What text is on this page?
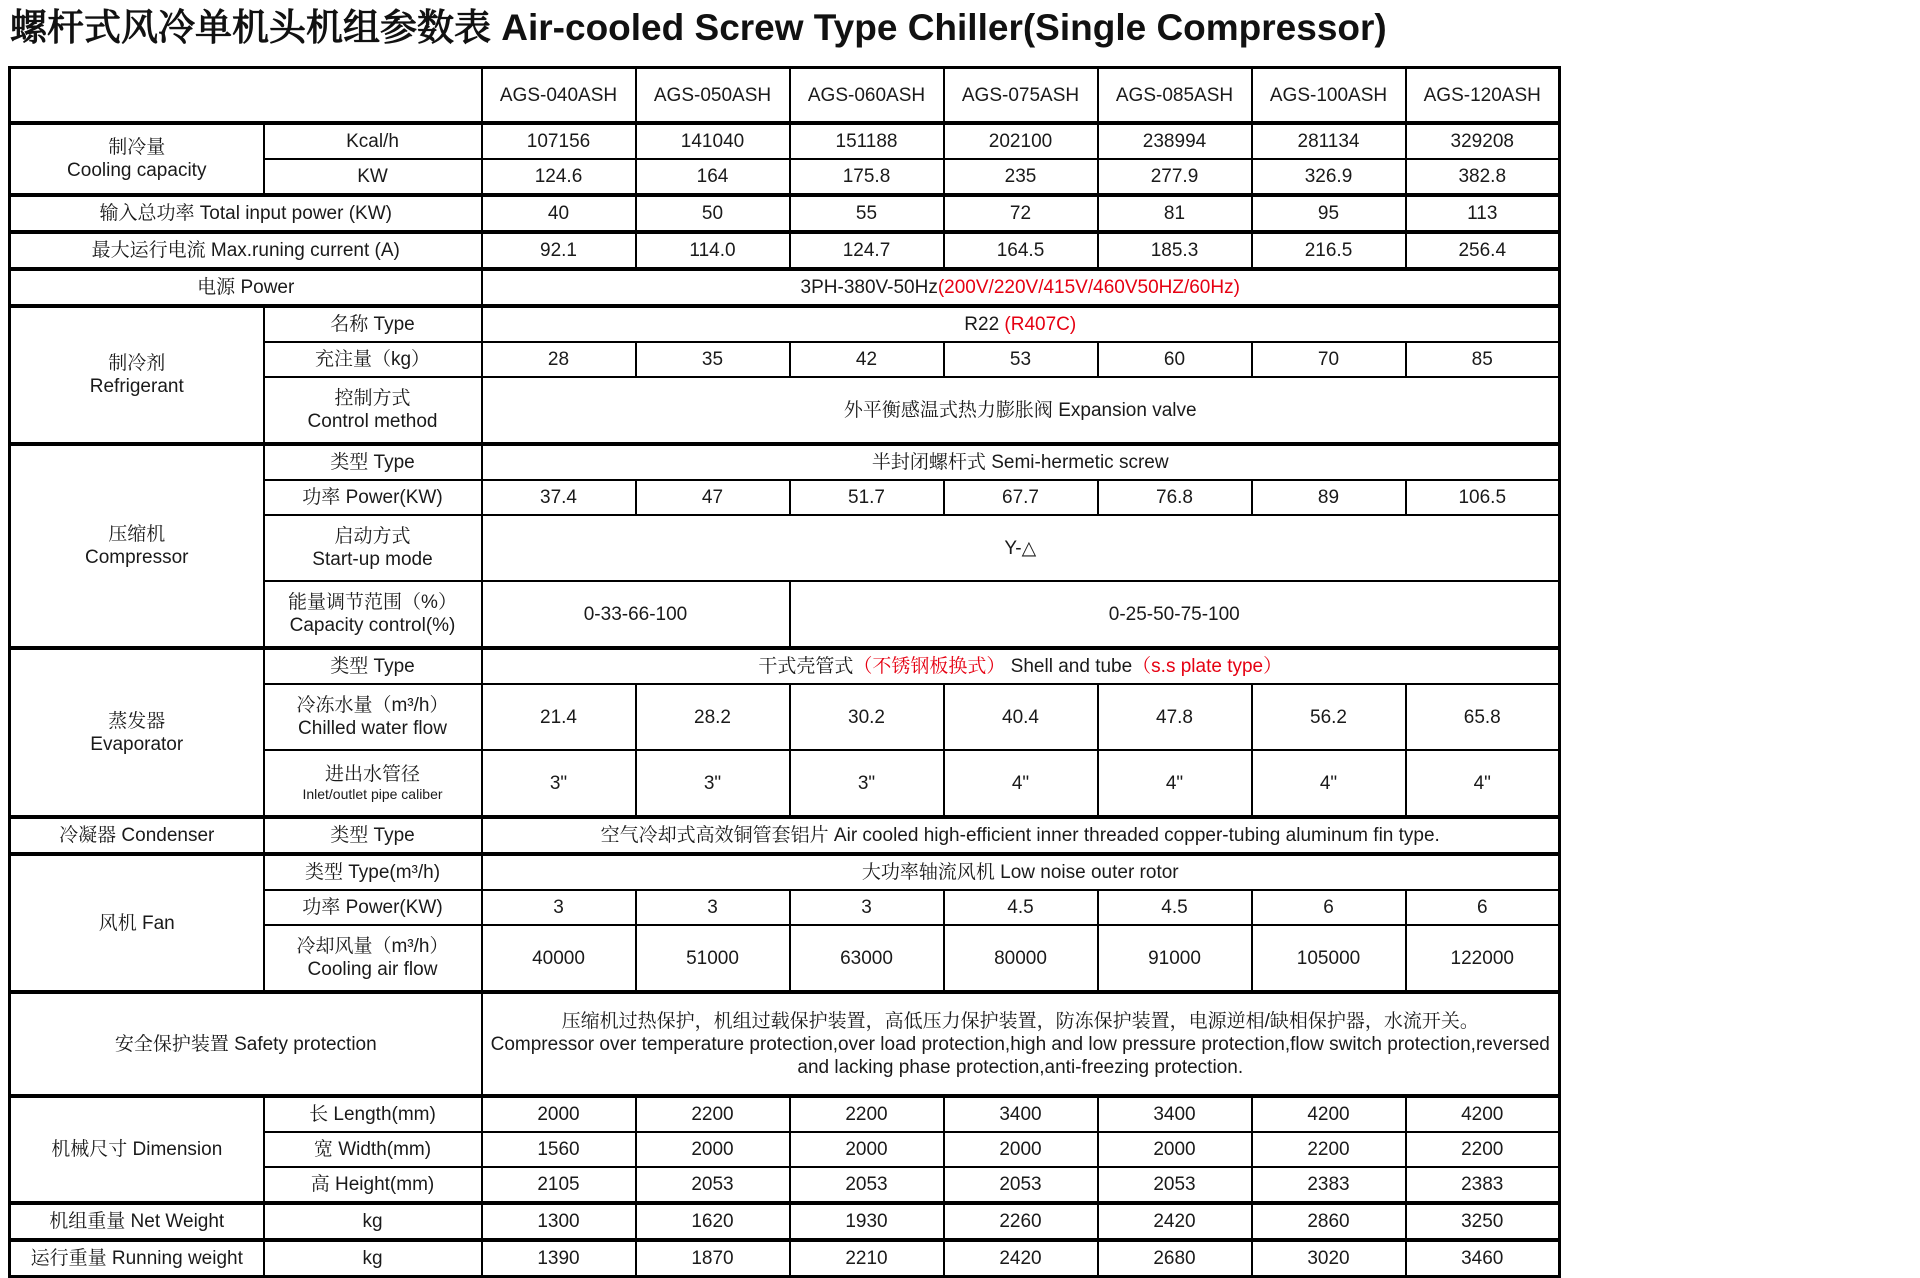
螺杆式风冷单机头机组参数表 Air-cooled Screw Type Chiller(Single Compressor)
型号 Model
项目 Item		AGS-040ASH	AGS-050ASH	AGS-060ASH	AGS-075ASH	AGS-085ASH	AGS-100ASH	AGS-120ASH

制冷量
Cooling capacity	Kcal/h	107156	141040	151188	202100	238994	281134	329208
	KW	124.6	164	175.8	235	277.9	326.9	382.8
输入总功率 Total input power (KW)		40	50	55	72	81	95	113
最大运行电流 Max.runing current (A)		92.1	114.0	124.7	164.5	185.3	216.5	256.4
电源 Power		3PH-380V-50Hz(200V/220V/415V/460V50HZ/60Hz)						

制冷剂
Refrigerant	名称 Type	R22 (R407C)						
	充注量（kg）	28	35	42	53	60	70	85

	控制方式
Control method	外平衡感温式热力膨胀阀 Expansion valve						

压缩机
Compressor	类型 Type	半封闭螺杆式 Semi-hermetic screw						
	功率 Power(KW)	37.4	47	51.7	67.7	76.8	89	106.5

	启动方式
Start-up mode	Y-△						

	能量调节范围（%）
Capacity control(%)	0-33-66-100		0-25-50-75-100				

蒸发器
Evaporator	类型 Type	干式壳管式（不锈钢板换式） Shell and tube（s.s plate type）						

	冷冻水量（m³/h）
Chilled water flow	21.4	28.2	30.2	40.4	47.8	56.2	65.8

	进出水管径
Inlet/outlet pipe caliber	3"	3"	3"	4"	4"	4"	4"
冷凝器 Condenser	类型 Type	空气冷却式高效铜管套铝片 Air cooled high-efficient inner threaded copper-tubing aluminum fin type.						
风机 Fan	类型 Type(m³/h)	大功率轴流风机 Low noise outer rotor						
	功率 Power(KW)	3	3	3	4.5	4.5	6	6

	冷却风量（m³/h）
Cooling air flow	40000	51000	63000	80000	91000	105000	122000
安全保护装置 Safety protection		压缩机过热保护，机组过载保护装置，高低压力保护装置，防冻保护装置，电源逆相/缺相保护器，水流开关。
Compressor over temperature protection,over load protection,high and low pressure protection,flow switch protection,reversed and lacking phase protection,anti-freezing protection.						
机械尺寸 Dimension	长 Length(mm)	2000	2200	2200	3400	3400	4200	4200
	宽 Width(mm)	1560	2000	2000	2000	2000	2200	2200
	高 Height(mm)	2105	2053	2053	2053	2053	2383	2383
机组重量 Net Weight	kg	1300	1620	1930	2260	2420	2860	3250
运行重量 Running weight	kg	1390	1870	2210	2420	2680	3020	3460
